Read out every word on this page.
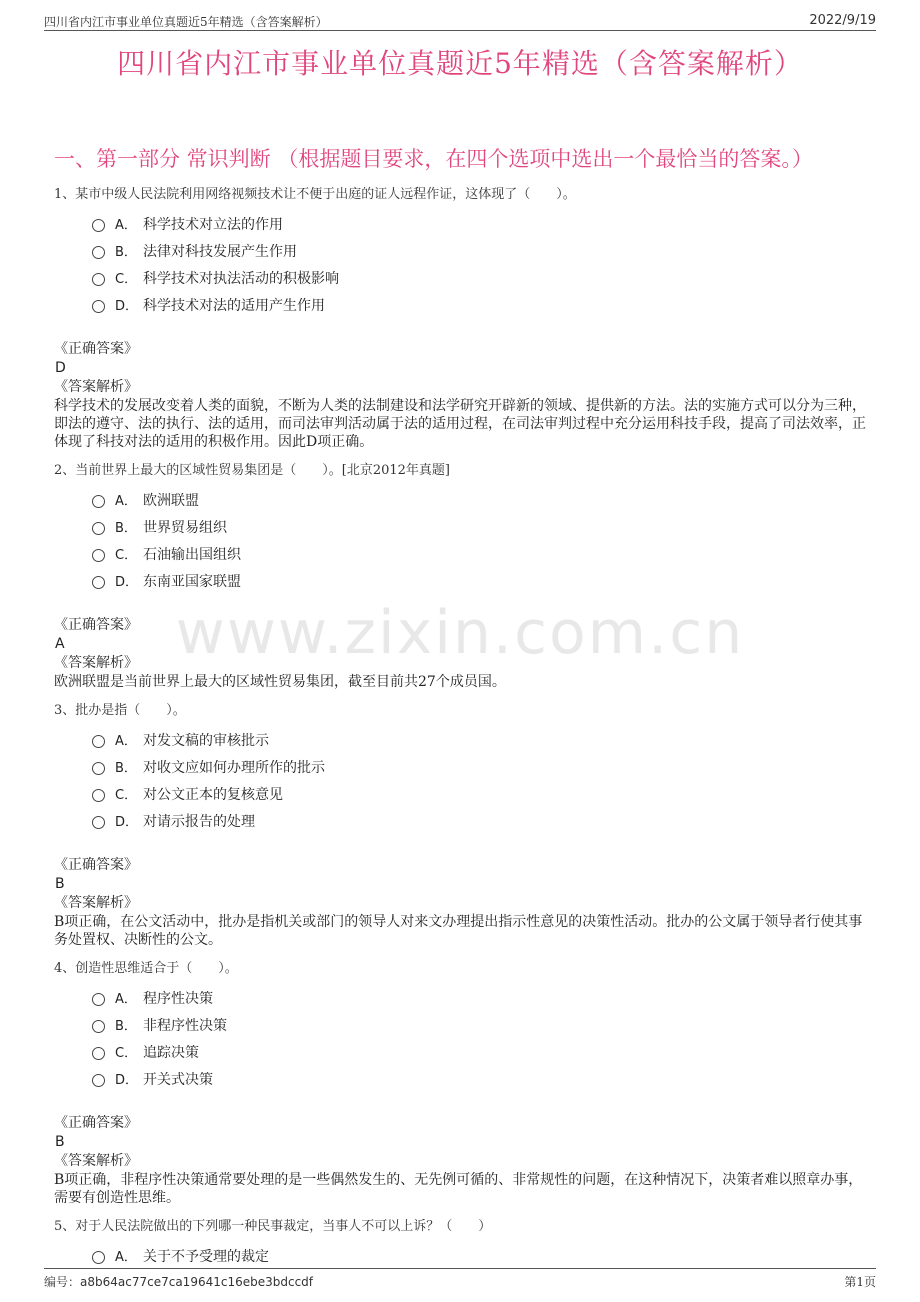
四川省内江市事业单位真题近5年精选（含答案解析）	2022/9/19
四川省内江市事业单位真题近5年精选（含答案解析）
一、第一部分 常识判断 （根据题目要求，在四个选项中选出一个最恰当的答案。）
www.zixin.com.cn

1、某市中级人民法院利用网络视频技术让不便于出庭的证人远程作证，这体现了（　　）。

A． 科学技术对立法的作用
B． 法律对科技发展产生作用
C． 科学技术对执法活动的积极影响
D． 科学技术对法的适用产生作用
《正确答案》
D
《答案解析》
科学技术的发展改变着人类的面貌，不断为人类的法制建设和法学研究开辟新的领域、提供新的方法。法的实施方式可以分为三种，即法的遵守、法的执行、法的适用，而司法审判活动属于法的适用过程，在司法审判过程中充分运用科技手段，提高了司法效率，正体现了科技对法的适用的积极作用。因此D项正确。

2、当前世界上最大的区域性贸易集团是（　　）。[北京2012年真题]

A． 欧洲联盟
B． 世界贸易组织
C． 石油输出国组织
D． 东南亚国家联盟
《正确答案》
A
《答案解析》
欧洲联盟是当前世界上最大的区域性贸易集团，截至目前共27个成员国。

3、批办是指（　　）。

A． 对发文稿的审核批示
B． 对收文应如何办理所作的批示
C． 对公文正本的复核意见
D． 对请示报告的处理
《正确答案》
B
《答案解析》
B项正确，在公文活动中，批办是指机关或部门的领导人对来文办理提出指示性意见的决策性活动。批办的公文属于领导者行使其事务处置权、决断性的公文。

4、创造性思维适合于（　　）。

A． 程序性决策
B． 非程序性决策
C． 追踪决策
D． 开关式决策
《正确答案》
B
《答案解析》
B项正确，非程序性决策通常要处理的是一些偶然发生的、无先例可循的、非常规性的问题，在这种情况下，决策者难以照章办事，需要有创造性思维。

5、对于人民法院做出的下列哪一种民事裁定，当事人不可以上诉？（　　）

A． 关于不予受理的裁定
编号：a8b64ac77ce7ca19641c16ebe3bdccdf	第1页
